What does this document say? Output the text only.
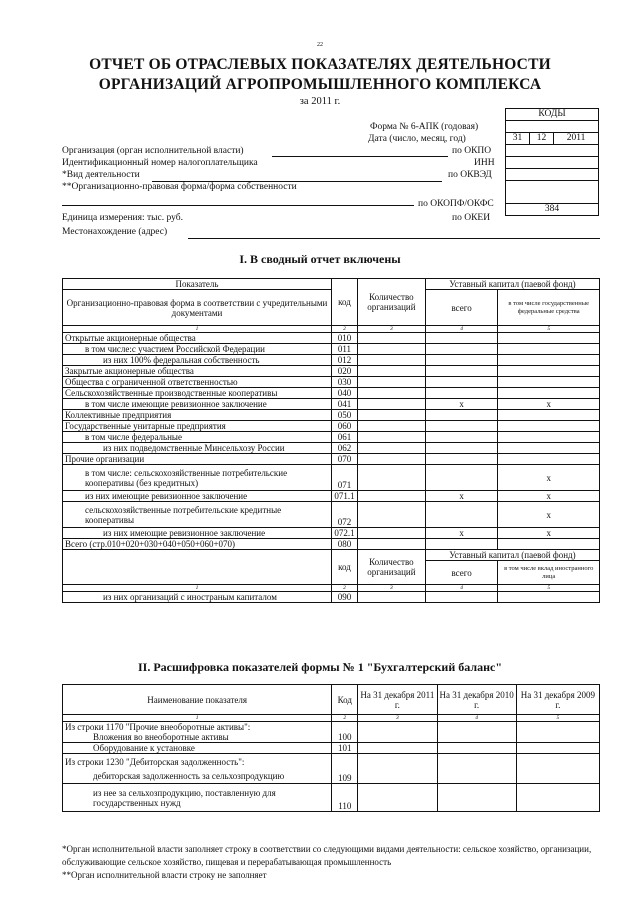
22
ОТЧЕТ ОБ ОТРАСЛЕВЫХ ПОКАЗАТЕЛЯХ ДЕЯТЕЛЬНОСТИ
ОРГАНИЗАЦИЙ АГРОПРОМЫШЛЕННОГО КОМПЛЕКСА
за 2011 г.
КОДЫ

31	12	2011

384
Форма № 6-АПК (годовая)
Дата (число, месяц, год)
Организация (орган исполнительной власти)	по ОКПО
Идентификационный номер налогоплательщика	ИНН
*Вид деятельности	по ОКВЭД
**Организационно-правовая форма/форма собственности
по ОКОПФ/ОКФС
Единица измерения: тыс. руб.	по ОКЕИ
Местонахождение (адрес)
I. В сводный отчет включены
Показатель	код	Количество организаций	Уставный капитал (паевой фонд)	
Организационно-правовая форма в соответствии с учредительными документами			всего	в том числе государственные федеральные средства
1	2	3	4	5
Открытые акционерные общества	010			
в том числе:с участием Российской Федерации	011			
из них 100% федеральная собственность	012			
Закрытые акционерные общества	020			
Общества с ограниченной ответственностью	030			
Сельскохозяйственные производственные кооперативы	040			
в том числе имеющие ревизионное заключение	041		x	x
Коллективные предприятия	050			
Государственные унитарные предприятия	060			
в том числе федеральные	061			
из них подведомственные Минсельхозу России	062			
Прочие организации	070			
в том числе: сельскохозяйственные потребительские кооперативы (без кредитных)	071			x
из них имеющие ревизионное заключение	071.1		x	x
сельскохозяйственные потребительские кредитные кооперативы	072			x
из них имеющие ревизионное заключение	072.1		x	x
Всего (стр.010+020+030+040+050+060+070)	080			
	код	Количество организаций	Уставный капитал (паевой фонд)	
			всего	в том числе вклад иностранного лица
1	2	3	4	5
из них организаций с иностраным капиталом	090			
II. Расшифровка показателей формы № 1 "Бухгалтерский баланс"
Наименование показателя	Код	На 31 декабря 2011 г.	На 31 декабря 2010 г.	На 31 декабря 2009 г.
1	2	3	4	5

Из строки 1170 "Прочие внеоборотные активы":
Вложения во внеоборотные активы	100			
Оборудование к установке	101			

Из строки 1230 "Дебиторская задолженность":
дебиторская задолженность за сельхозпродукцию	109			
из нее за сельхозпродукцию, поставленную для государственных нужд	110			
*Орган исполнительной власти заполняет строку в соответствии со следующими видами деятельности: сельское хозяйство, организации, обслуживающие сельское хозяйство, пищевая и перерабатывающая промышленность
**Орган исполнительной власти строку не заполняет
